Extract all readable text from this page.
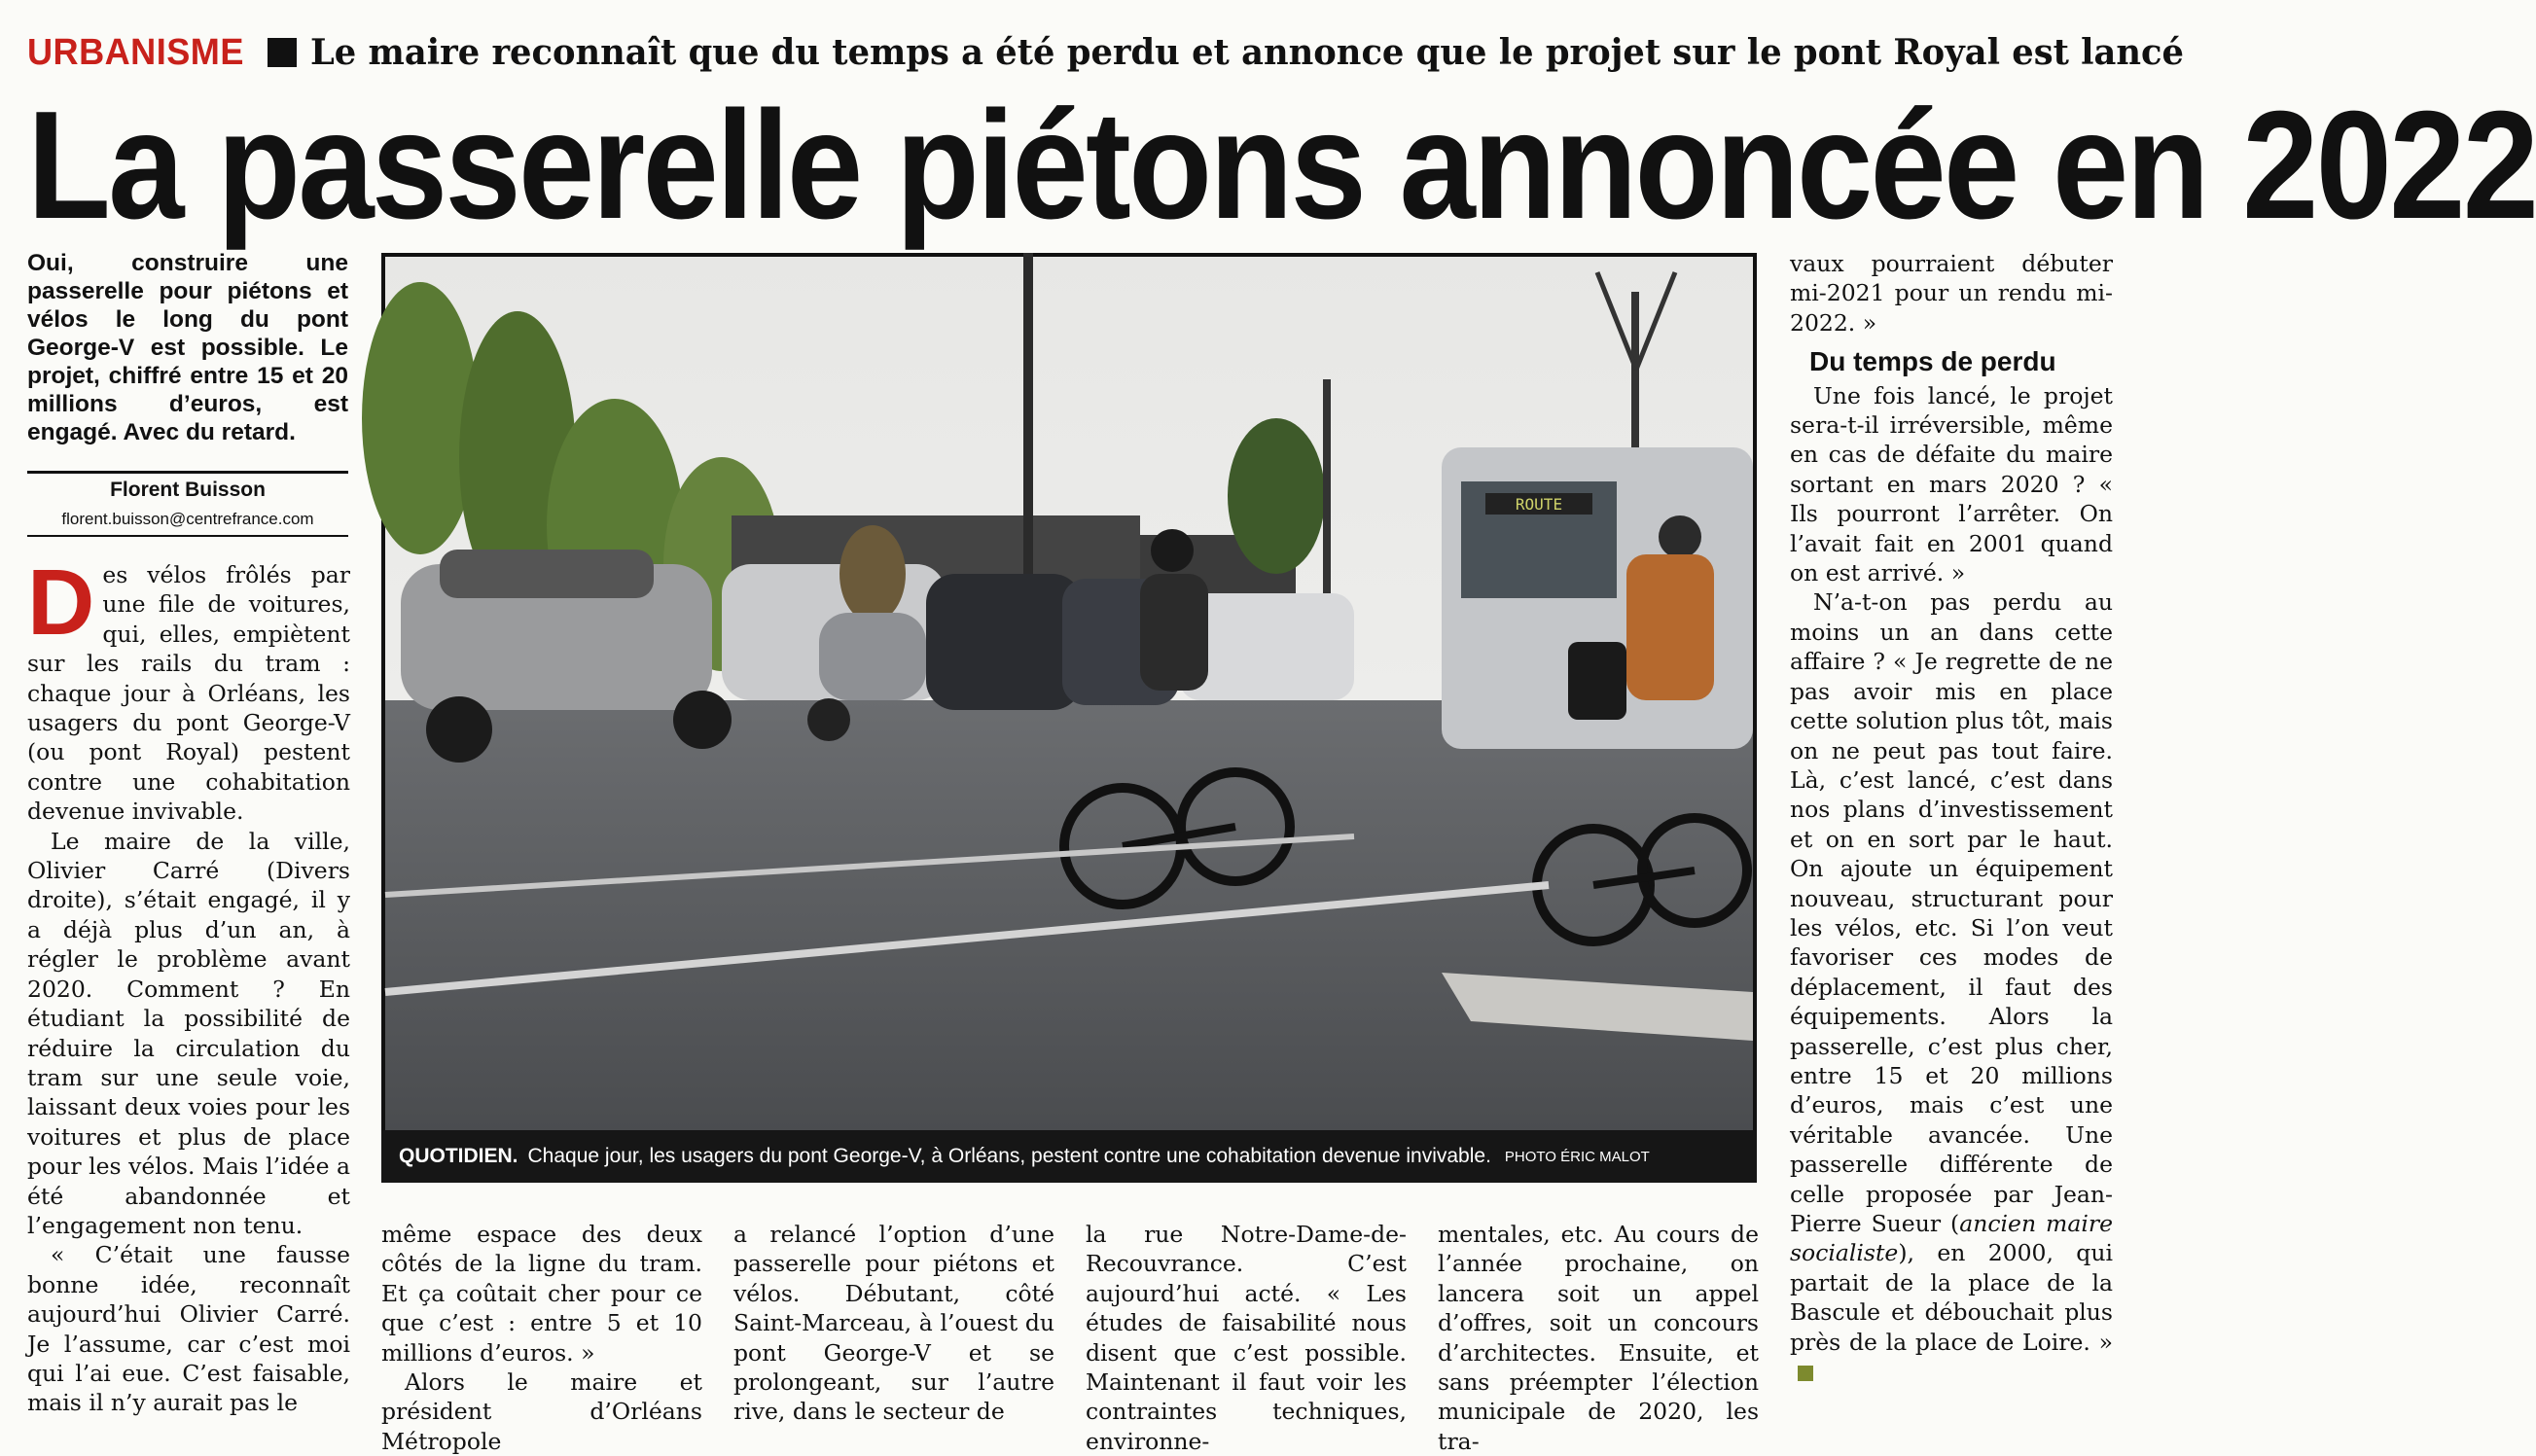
URBANISME Le maire reconnaît que du temps a été perdu et annonce que le projet sur le pont Royal est lancé
La passerelle piétons annoncée en 2022
Oui, construire une passerelle pour piétons et vélos le long du pont George-V est possible. Le projet, chiffré entre 15 et 20 millions d’euros, est engagé. Avec du retard.
Florent Buisson
florent.buisson@centrefrance.com

Des vélos frôlés par une file de voitures, qui, elles, empiètent sur les rails du tram : chaque jour à Orléans, les usagers du pont George-V (ou pont Royal) pestent contre une cohabitation devenue invivable.

Le maire de la ville, Olivier Carré (Divers droite), s’était engagé, il y a déjà plus d’un an, à régler le problème avant 2020. Comment ? En étudiant la possibilité de réduire la circulation du tram sur une seule voie, laissant deux voies pour les voitures et plus de place pour les vélos. Mais l’idée a été abandonnée et l’engagement non tenu.

« C’était une fausse bonne idée, reconnaît aujourd’hui Olivier Carré. Je l’assume, car c’est moi qui l’ai eue. C’est faisable, mais il n’y aurait pas le

ROUTE
QUOTIDIEN. Chaque jour, les usagers du pont George-V, à Orléans, pestent contre une cohabitation devenue invivable. PHOTO ÉRIC MALOT

même espace des deux côtés de la ligne du tram. Et ça coûtait cher pour ce que c’est : entre 5 et 10 millions d’euros. »

Alors le maire et président d’Orléans Métropole

a relancé l’option d’une passerelle pour piétons et vélos. Débutant, côté Saint-Marceau, à l’ouest du pont George-V et se prolongeant, sur l’autre rive, dans le secteur de

la rue Notre-Dame-de-Recouvrance. C’est aujourd’hui acté. « Les études de faisabilité nous disent que c’est possible. Maintenant il faut voir les contraintes techniques, environne-

mentales, etc. Au cours de l’année prochaine, on lancera soit un appel d’offres, soit un concours d’architectes. Ensuite, et sans préempter l’élection municipale de 2020, les tra-

vaux pourraient débuter mi-2021 pour un rendu mi-2022. »

Du temps de perdu

Une fois lancé, le projet sera-t-il irréversible, même en cas de défaite du maire sortant en mars 2020 ? « Ils pourront l’arrêter. On l’avait fait en 2001 quand on est arrivé. »

N’a-t-on pas perdu au moins un an dans cette affaire ? « Je regrette de ne pas avoir mis en place cette solution plus tôt, mais on ne peut pas tout faire. Là, c’est lancé, c’est dans nos plans d’investissement et on en sort par le haut. On ajoute un équipement nouveau, structurant pour les vélos, etc. Si l’on veut favoriser ces modes de déplacement, il faut des équipements. Alors la passerelle, c’est plus cher, entre 15 et 20 millions d’euros, mais c’est une véritable avancée. Une passerelle différente de celle proposée par Jean-Pierre Sueur (ancien maire socialiste), en 2000, qui partait de la place de la Bascule et débouchait plus près de la place de Loire. »
